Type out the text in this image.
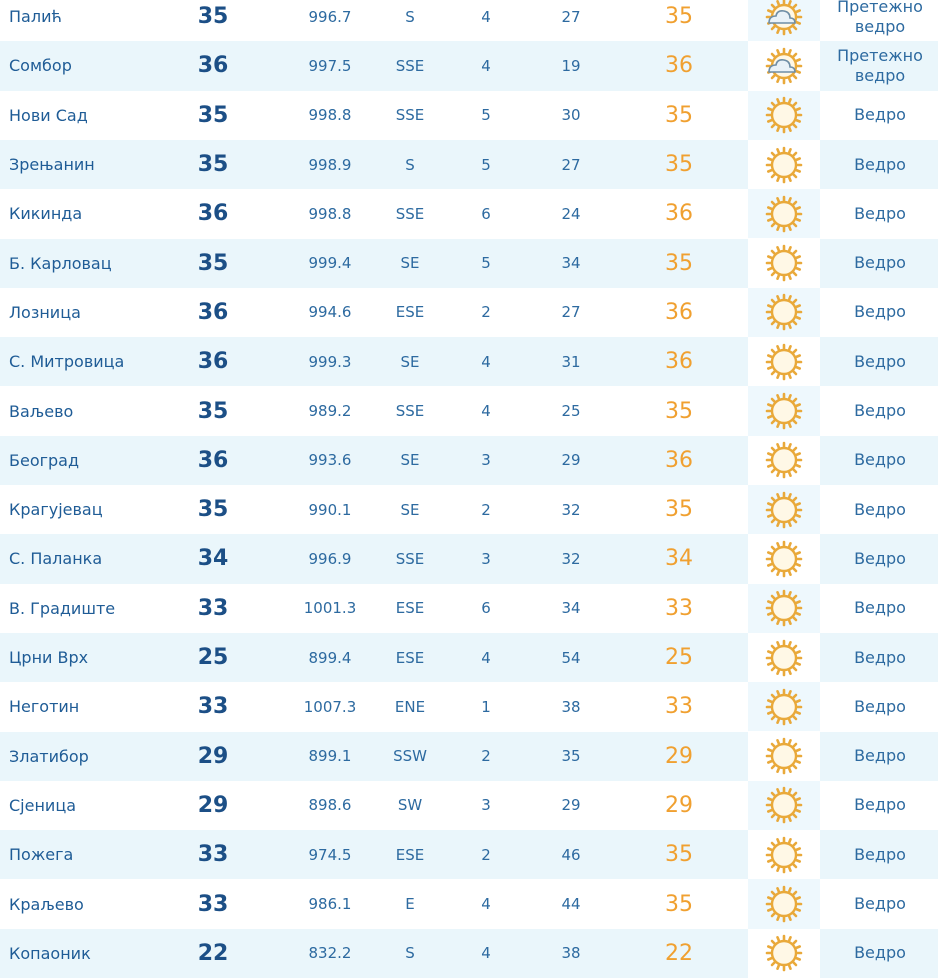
Палић	35	996.7	S	4	27	35	Претежно
ведро
Сомбор	36	997.5	SSE	4	19	36	Претежно
ведро
Нови Сад	35	998.8	SSE	5	30	35	Ведро
Зрењанин	35	998.9	S	5	27	35	Ведро
Кикинда	36	998.8	SSE	6	24	36	Ведро
Б. Карловац	35	999.4	SE	5	34	35	Ведро
Лозница	36	994.6	ESE	2	27	36	Ведро
С. Митровица	36	999.3	SE	4	31	36	Ведро
Ваљево	35	989.2	SSE	4	25	35	Ведро
Београд	36	993.6	SE	3	29	36	Ведро
Крагујевац	35	990.1	SE	2	32	35	Ведро
С. Паланка	34	996.9	SSE	3	32	34	Ведро
В. Градиште	33	1001.3	ESE	6	34	33	Ведро
Црни Врх	25	899.4	ESE	4	54	25	Ведро
Неготин	33	1007.3	ENE	1	38	33	Ведро
Златибор	29	899.1	SSW	2	35	29	Ведро
Сјеница	29	898.6	SW	3	29	29	Ведро
Пожега	33	974.5	ESE	2	46	35	Ведро
Краљево	33	986.1	E	4	44	35	Ведро
Копаоник	22	832.2	S	4	38	22	Ведро
